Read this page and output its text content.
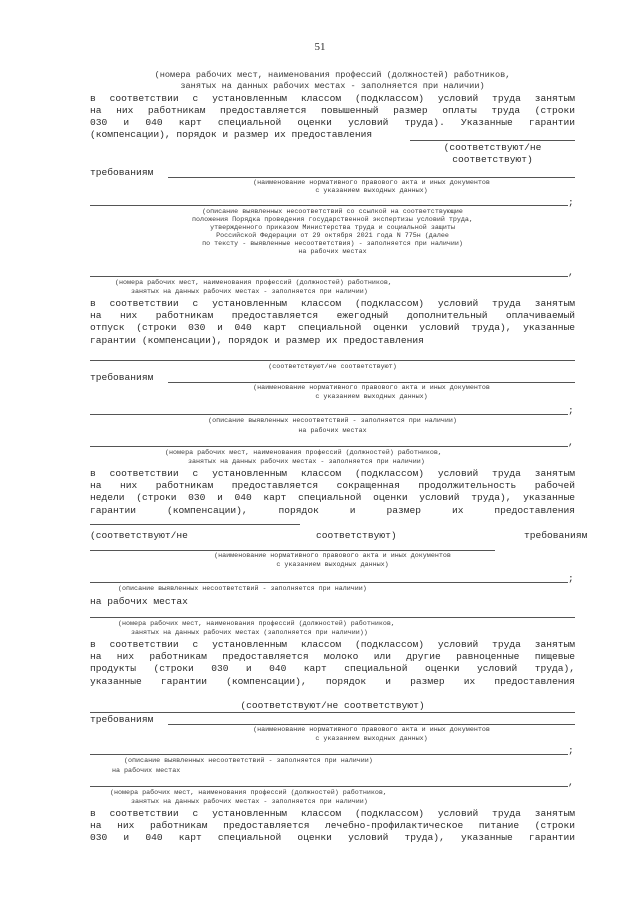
51
(номера рабочих мест, наименования профессий (должностей) работников,
занятых на данных рабочих местах - заполняется при наличии)
в соответствии с установленным классом (подклассом) условий труда занятым
на них работникам предоставляется повышенный размер оплаты труда (строки
030 и 040 карт специальной оценки условий труда). Указанные гарантии
(компенсации), порядок и размер их предоставления
(соответствуют/не
соответствуют)
требованиям
(наименование нормативного правового акта и иных документов
с указанием выходных данных)
;
(описание выявленных несоответствий со ссылкой на соответствующие
положения Порядка проведения государственной экспертизы условий труда,
утвержденного приказом Министерства труда и социальной защиты
Российской Федерации от 29 октября 2021 года N 775н (далее
по тексту - выявленные несоответствия) - заполняется при наличии)
на рабочих местах
,
(номера рабочих мест, наименования профессий (должностей) работников,
занятых на данных рабочих местах - заполняется при наличии)
в соответствии с установленным классом (подклассом) условий труда занятым
на них работникам предоставляется ежегодный дополнительный оплачиваемый
отпуск (строки 030 и 040 карт специальной оценки условий труда), указанные
гарантии (компенсации), порядок и размер их предоставления
(соответствуют/не соответствуют)
требованиям
(наименование нормативного правового акта и иных документов
с указанием выходных данных)
;
(описание выявленных несоответствий - заполняется при наличии)
на рабочих местах
,
(номера рабочих мест, наименования профессий (должностей) работников,
занятых на данных рабочих местах - заполняется при наличии)
в соответствии с установленным классом (подклассом) условий труда занятым
на них работникам предоставляется сокращенная продолжительность рабочей
недели (строки 030 и 040 карт специальной оценки условий труда), указанные
гарантии (компенсации), порядок и размер их предоставления
(соответствуют/не	соответствуют)	требованиям
(наименование нормативного правового акта и иных документов
с указанием выходных данных)
;
(описание выявленных несоответствий - заполняется при наличии)
на рабочих местах
(номера рабочих мест, наименования профессий (должностей) работников,
занятых на данных рабочих местах (заполняется при наличии))
в соответствии с установленным классом (подклассом) условий труда занятым
на них работникам предоставляется молоко или другие равноценные пищевые
продукты (строки 030 и 040 карт специальной оценки условий труда),
указанные гарантии (компенсации), порядок и размер их предоставления
(соответствуют/не соответствуют)
требованиям
(наименование нормативного правового акта и иных документов
с указанием выходных данных)
;
(описание выявленных несоответствий - заполняется при наличии)
на рабочих местах
,
(номера рабочих мест, наименования профессий (должностей) работников,
занятых на данных рабочих местах - заполняется при наличии)
в соответствии с установленным классом (подклассом) условий труда занятым
на них работникам предоставляется лечебно-профилактическое питание (строки
030 и 040 карт специальной оценки условий труда), указанные гарантии
